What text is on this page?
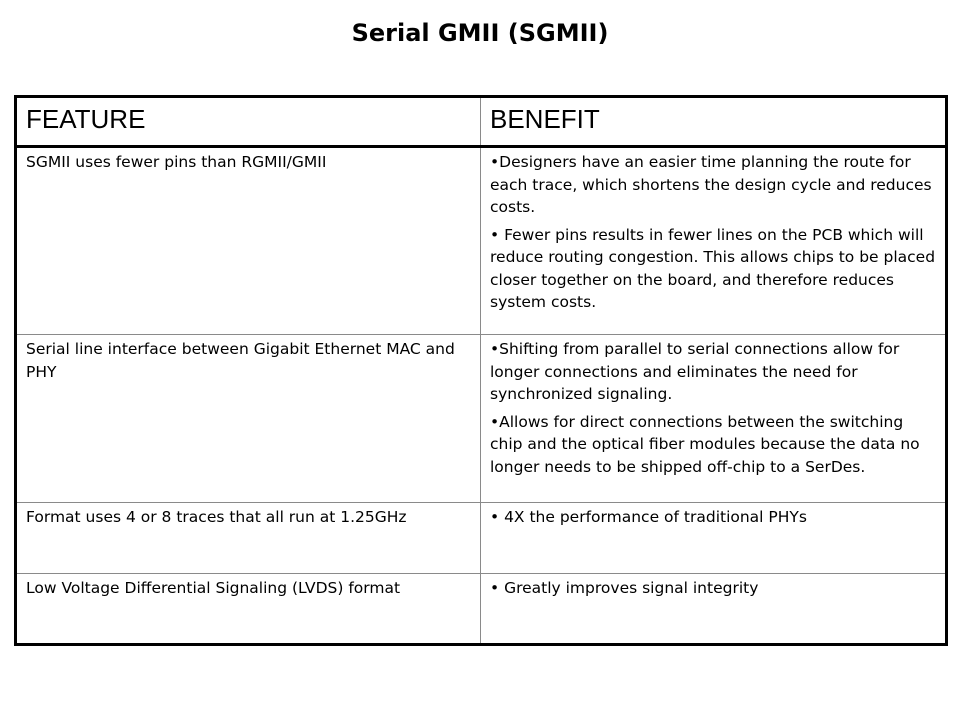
Serial GMII (SGMII)
FEATURE	BENEFIT
SGMII uses fewer pins than RGMII/GMII	•Designers have an easier time planning the route for each trace, which shortens the design cycle and reduces costs.

• Fewer pins results in fewer lines on the PCB which will reduce routing congestion. This allows chips to be placed closer together on the board, and therefore reduces system costs.

Serial line interface between Gigabit Ethernet MAC and PHY	•Shifting from parallel to serial connections allow for longer connections and eliminates the need for synchronized signaling.

•Allows for direct connections between the switching chip and the optical fiber modules because the data no longer needs to be shipped off-chip to a SerDes.

Format uses 4 or 8 traces that all run at 1.25GHz	• 4X the performance of traditional PHYs

Low Voltage Differential Signaling (LVDS) format	• Greatly improves signal integrity
